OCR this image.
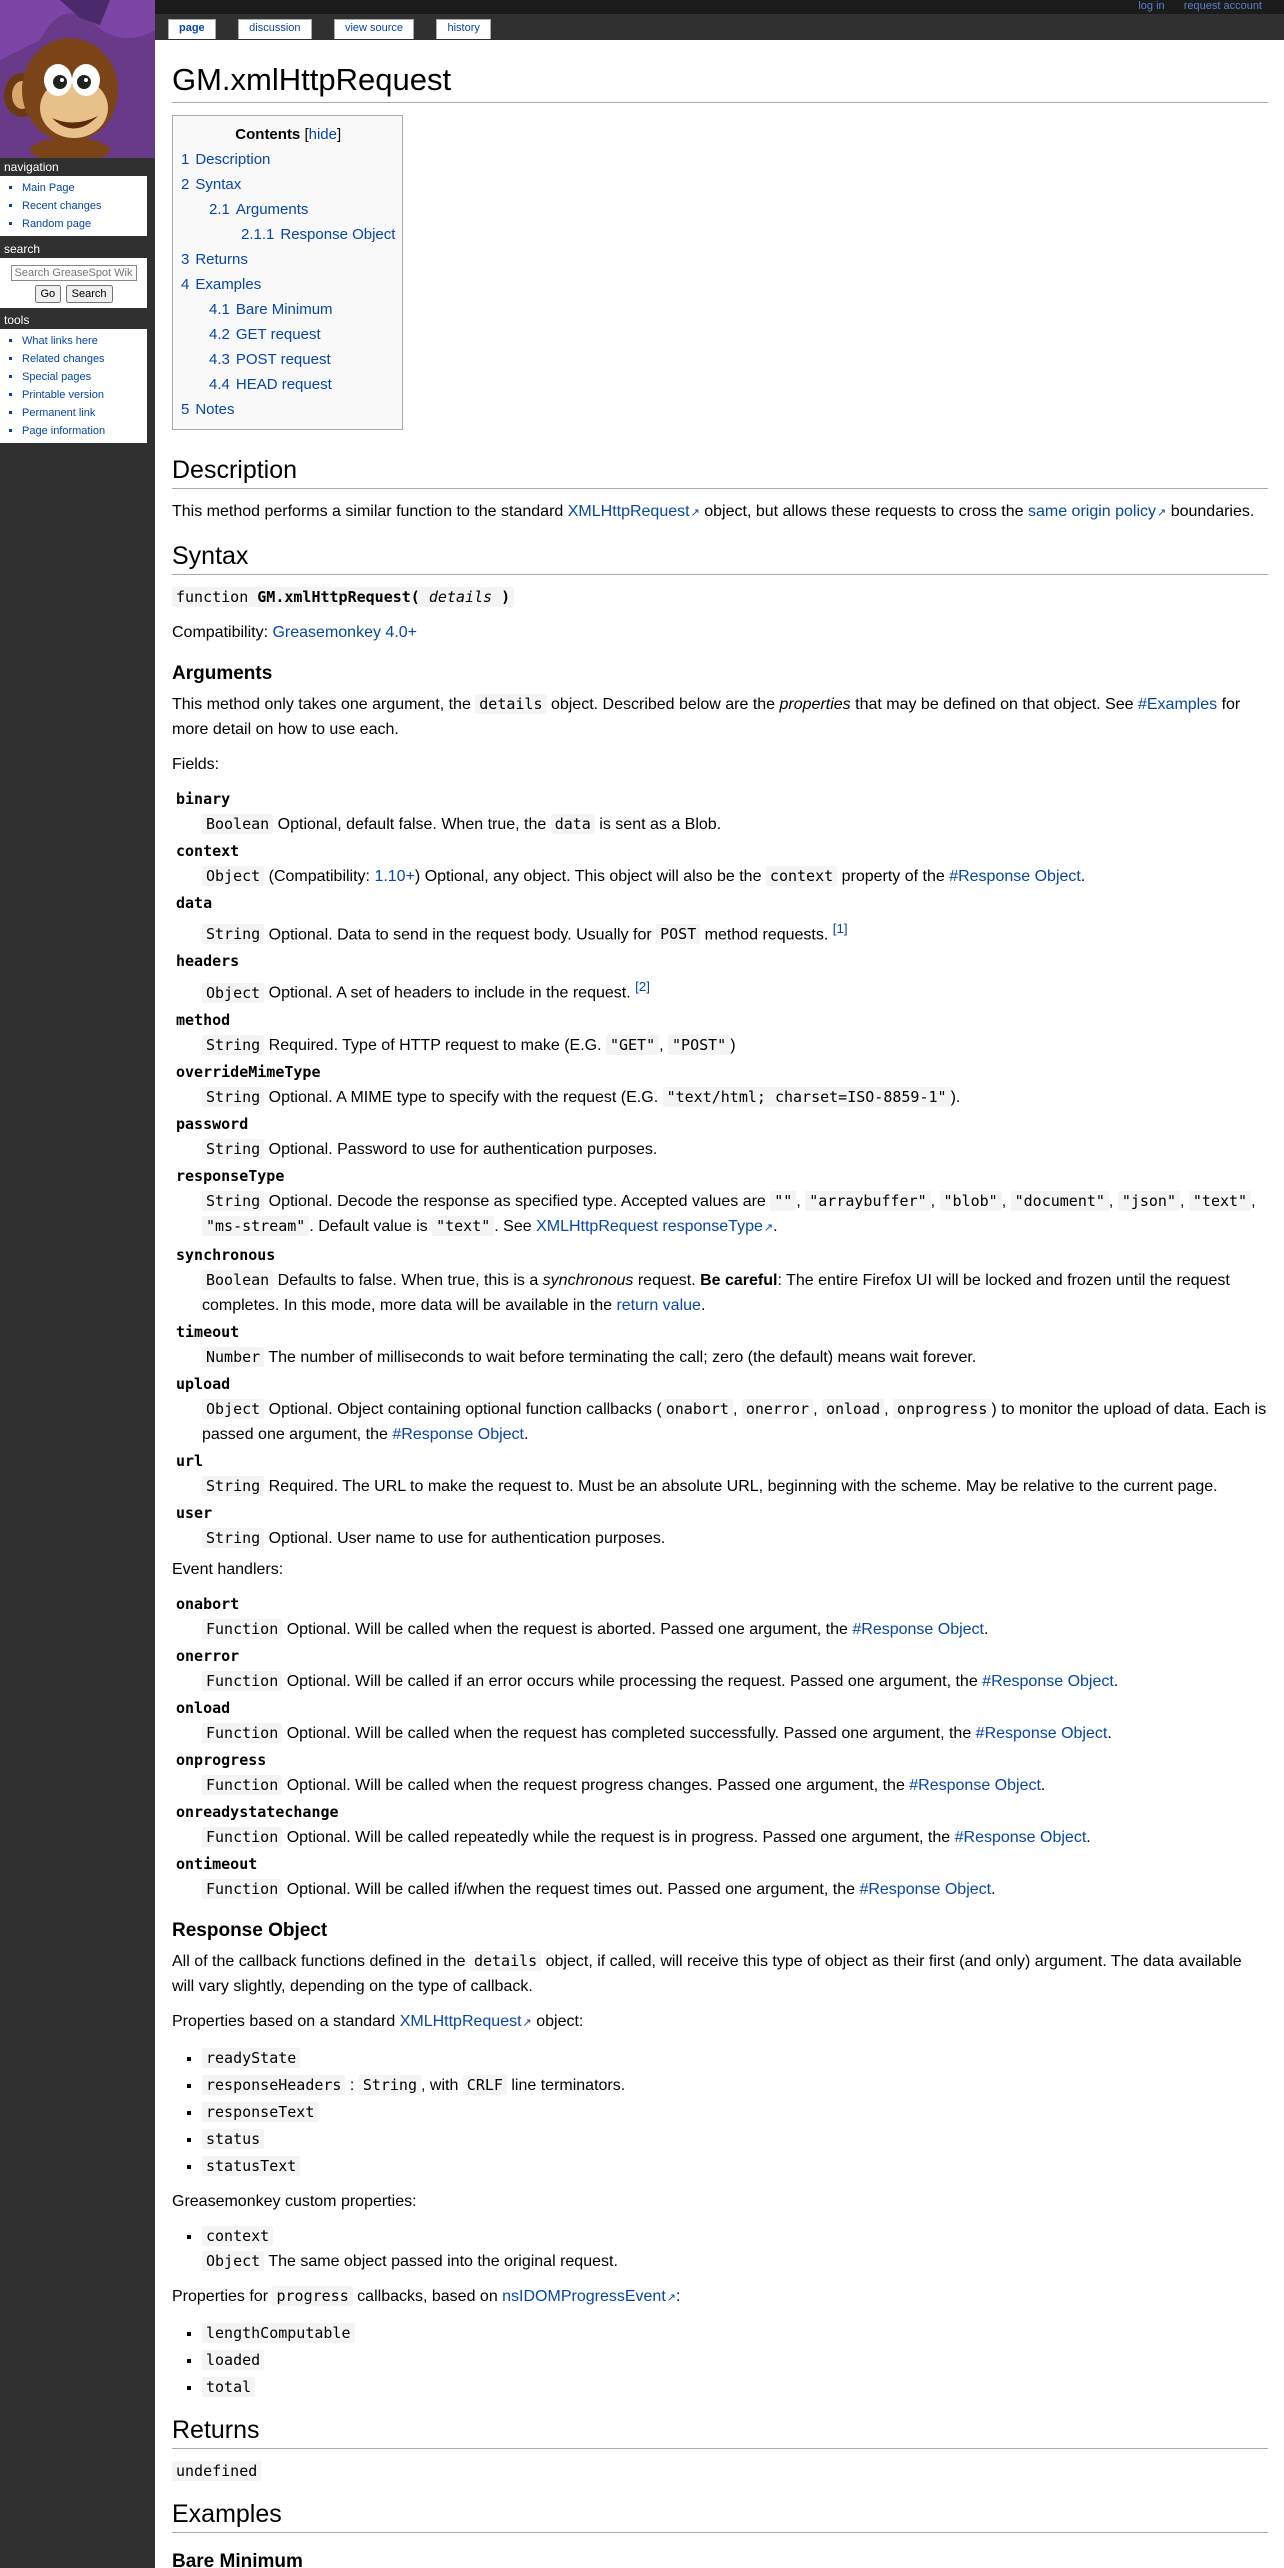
log in request account
navigation
▪ Main Page
▪ Recent changes
▪ Random page
search
Search GreaseSpot Wiki
Go Search
tools
▪ What links here
▪ Related changes
▪ Special pages
▪ Printable version
▪ Permanent link
▪ Page information
page	discussion	view source	history
GM.xmlHttpRequest
Contents [hide]
1 Description
2 Syntax
2.1 Arguments
2.1.1 Response Object
3 Returns
4 Examples
4.1 Bare Minimum
4.2 GET request
4.3 POST request
4.4 HEAD request
5 Notes
Description

This method performs a similar function to the standard XMLHttpRequest ↗ object, but allows these requests to cross the same origin policy ↗ boundaries.

Syntax

function GM.xmlHttpRequest( details )

Compatibility: Greasemonkey 4.0+

Arguments

This method only takes one argument, the details object. Described below are the properties that may be defined on that object. See #Examples for more detail on how to use each.

Fields:

binary
Boolean Optional, default false. When true, the data is sent as a Blob.
context
Object (Compatibility: 1.10+) Optional, any object. This object will also be the context property of the #Response Object.
data
String Optional. Data to send in the request body. Usually for POST method requests. [1]
headers
Object Optional. A set of headers to include in the request. [2]
method
String Required. Type of HTTP request to make (E.G. "GET" , "POST" )
overrideMimeType
String Optional. A MIME type to specify with the request (E.G. "text/html; charset=ISO-8859-1" ).
password
String Optional. Password to use for authentication purposes.
responseType
String Optional. Decode the response as specified type. Accepted values are "" , "arraybuffer" , "blob" , "document" , "json" , "text" , "ms-stream" . Default value is "text" . See XMLHttpRequest responseType ↗ .
synchronous
Boolean Defaults to false. When true, this is a synchronous request. Be careful: The entire Firefox UI will be locked and frozen until the request completes. In this mode, more data will be available in the return value.
timeout
Number The number of milliseconds to wait before terminating the call; zero (the default) means wait forever.
upload
Object Optional. Object containing optional function callbacks ( onabort , onerror , onload , onprogress ) to monitor the upload of data. Each is passed one argument, the #Response Object.
url
String Required. The URL to make the request to. Must be an absolute URL, beginning with the scheme. May be relative to the current page.
user
String Optional. User name to use for authentication purposes.

Event handlers:

onabort
Function Optional. Will be called when the request is aborted. Passed one argument, the #Response Object.
onerror
Function Optional. Will be called if an error occurs while processing the request. Passed one argument, the #Response Object.
onload
Function Optional. Will be called when the request has completed successfully. Passed one argument, the #Response Object.
onprogress
Function Optional. Will be called when the request progress changes. Passed one argument, the #Response Object.
onreadystatechange
Function Optional. Will be called repeatedly while the request is in progress. Passed one argument, the #Response Object.
ontimeout
Function Optional. Will be called if/when the request times out. Passed one argument, the #Response Object.
Response Object

All of the callback functions defined in the details object, if called, will receive this type of object as their first (and only) argument. The data available will vary slightly, depending on the type of callback.

Properties based on a standard XMLHttpRequest ↗ object:

▪ readyState
▪ responseHeaders : String , with CRLF line terminators.
▪ responseText
▪ status
▪ statusText

Greasemonkey custom properties:

▪ context
Object The same object passed into the original request.

Properties for progress callbacks, based on nsIDOMProgressEvent ↗ :

▪ lengthComputable
▪ loaded
▪ total
Returns

undefined

Examples
Bare Minimum
